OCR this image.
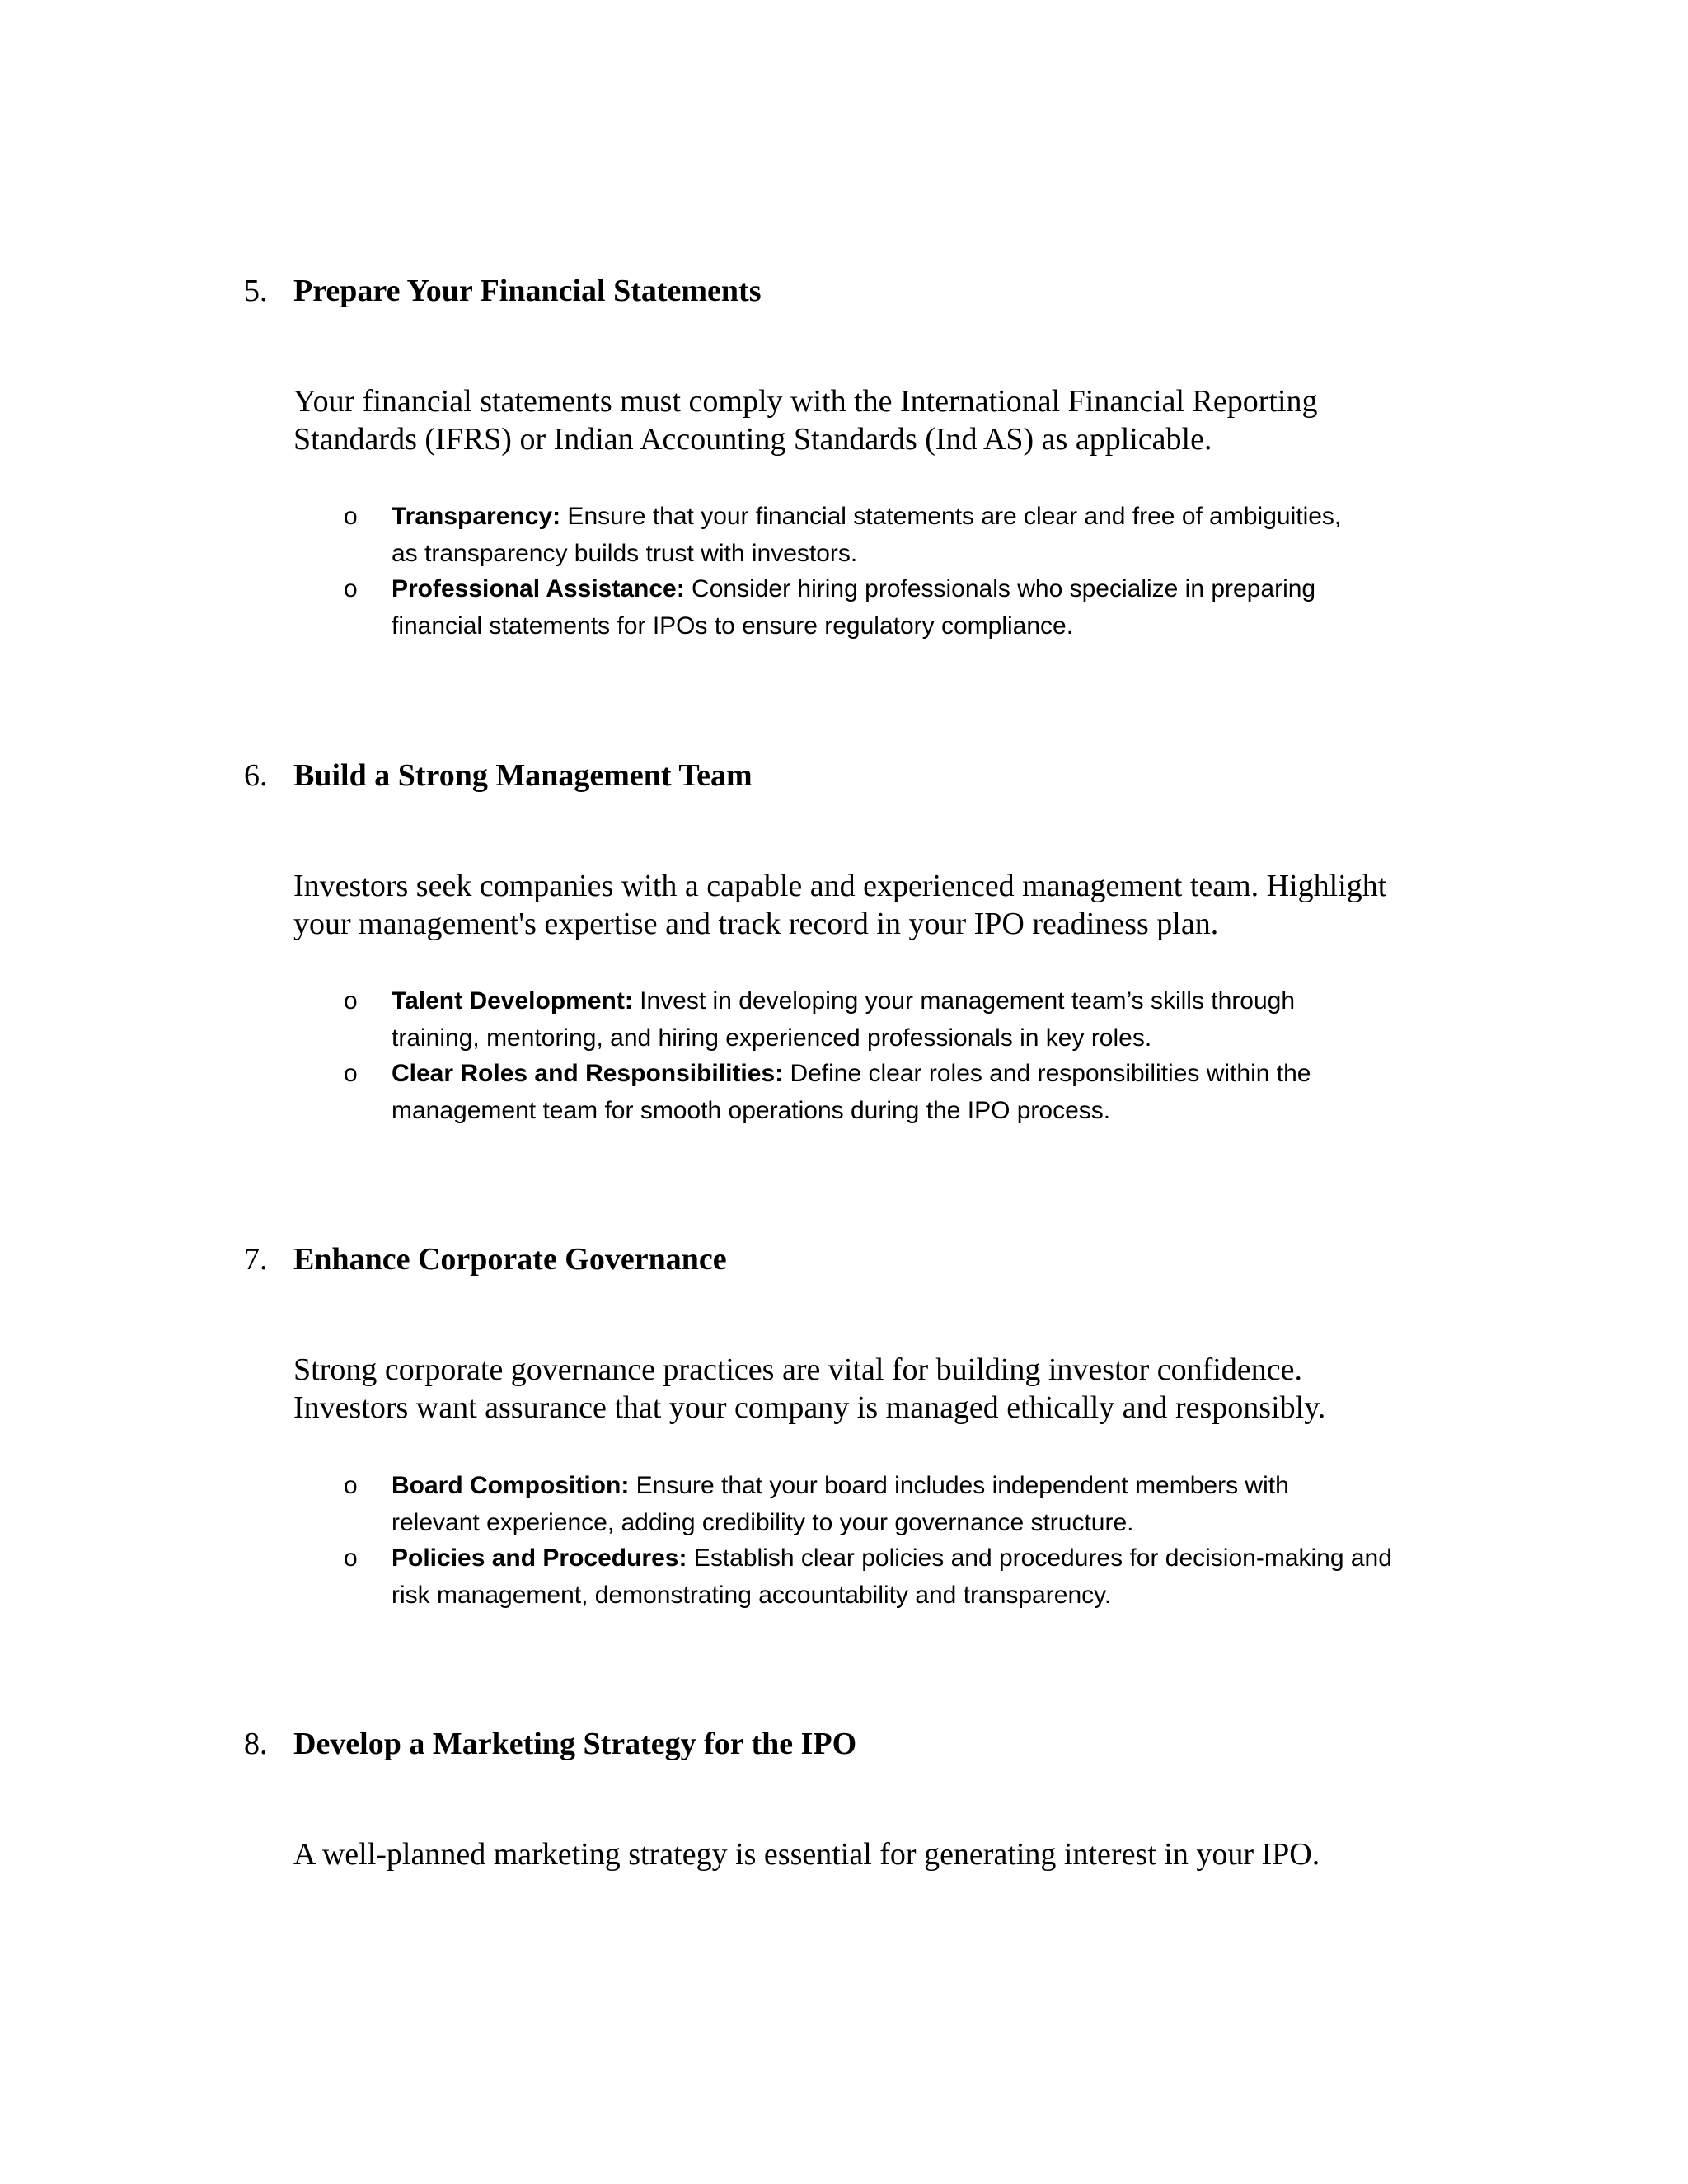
5. Prepare Your Financial Statements
Your financial statements must comply with the International Financial Reporting
Standards (IFRS) or Indian Accounting Standards (Ind AS) as applicable.
o Transparency: Ensure that your financial statements are clear and free of ambiguities,
as transparency builds trust with investors.
o Professional Assistance: Consider hiring professionals who specialize in preparing
financial statements for IPOs to ensure regulatory compliance.
6. Build a Strong Management Team
Investors seek companies with a capable and experienced management team. Highlight
your management's expertise and track record in your IPO readiness plan.
o Talent Development: Invest in developing your management team’s skills through
training, mentoring, and hiring experienced professionals in key roles.
o Clear Roles and Responsibilities: Define clear roles and responsibilities within the
management team for smooth operations during the IPO process.
7. Enhance Corporate Governance
Strong corporate governance practices are vital for building investor confidence.
Investors want assurance that your company is managed ethically and responsibly.
o Board Composition: Ensure that your board includes independent members with
relevant experience, adding credibility to your governance structure.
o Policies and Procedures: Establish clear policies and procedures for decision-making and
risk management, demonstrating accountability and transparency.
8. Develop a Marketing Strategy for the IPO
A well-planned marketing strategy is essential for generating interest in your IPO.
